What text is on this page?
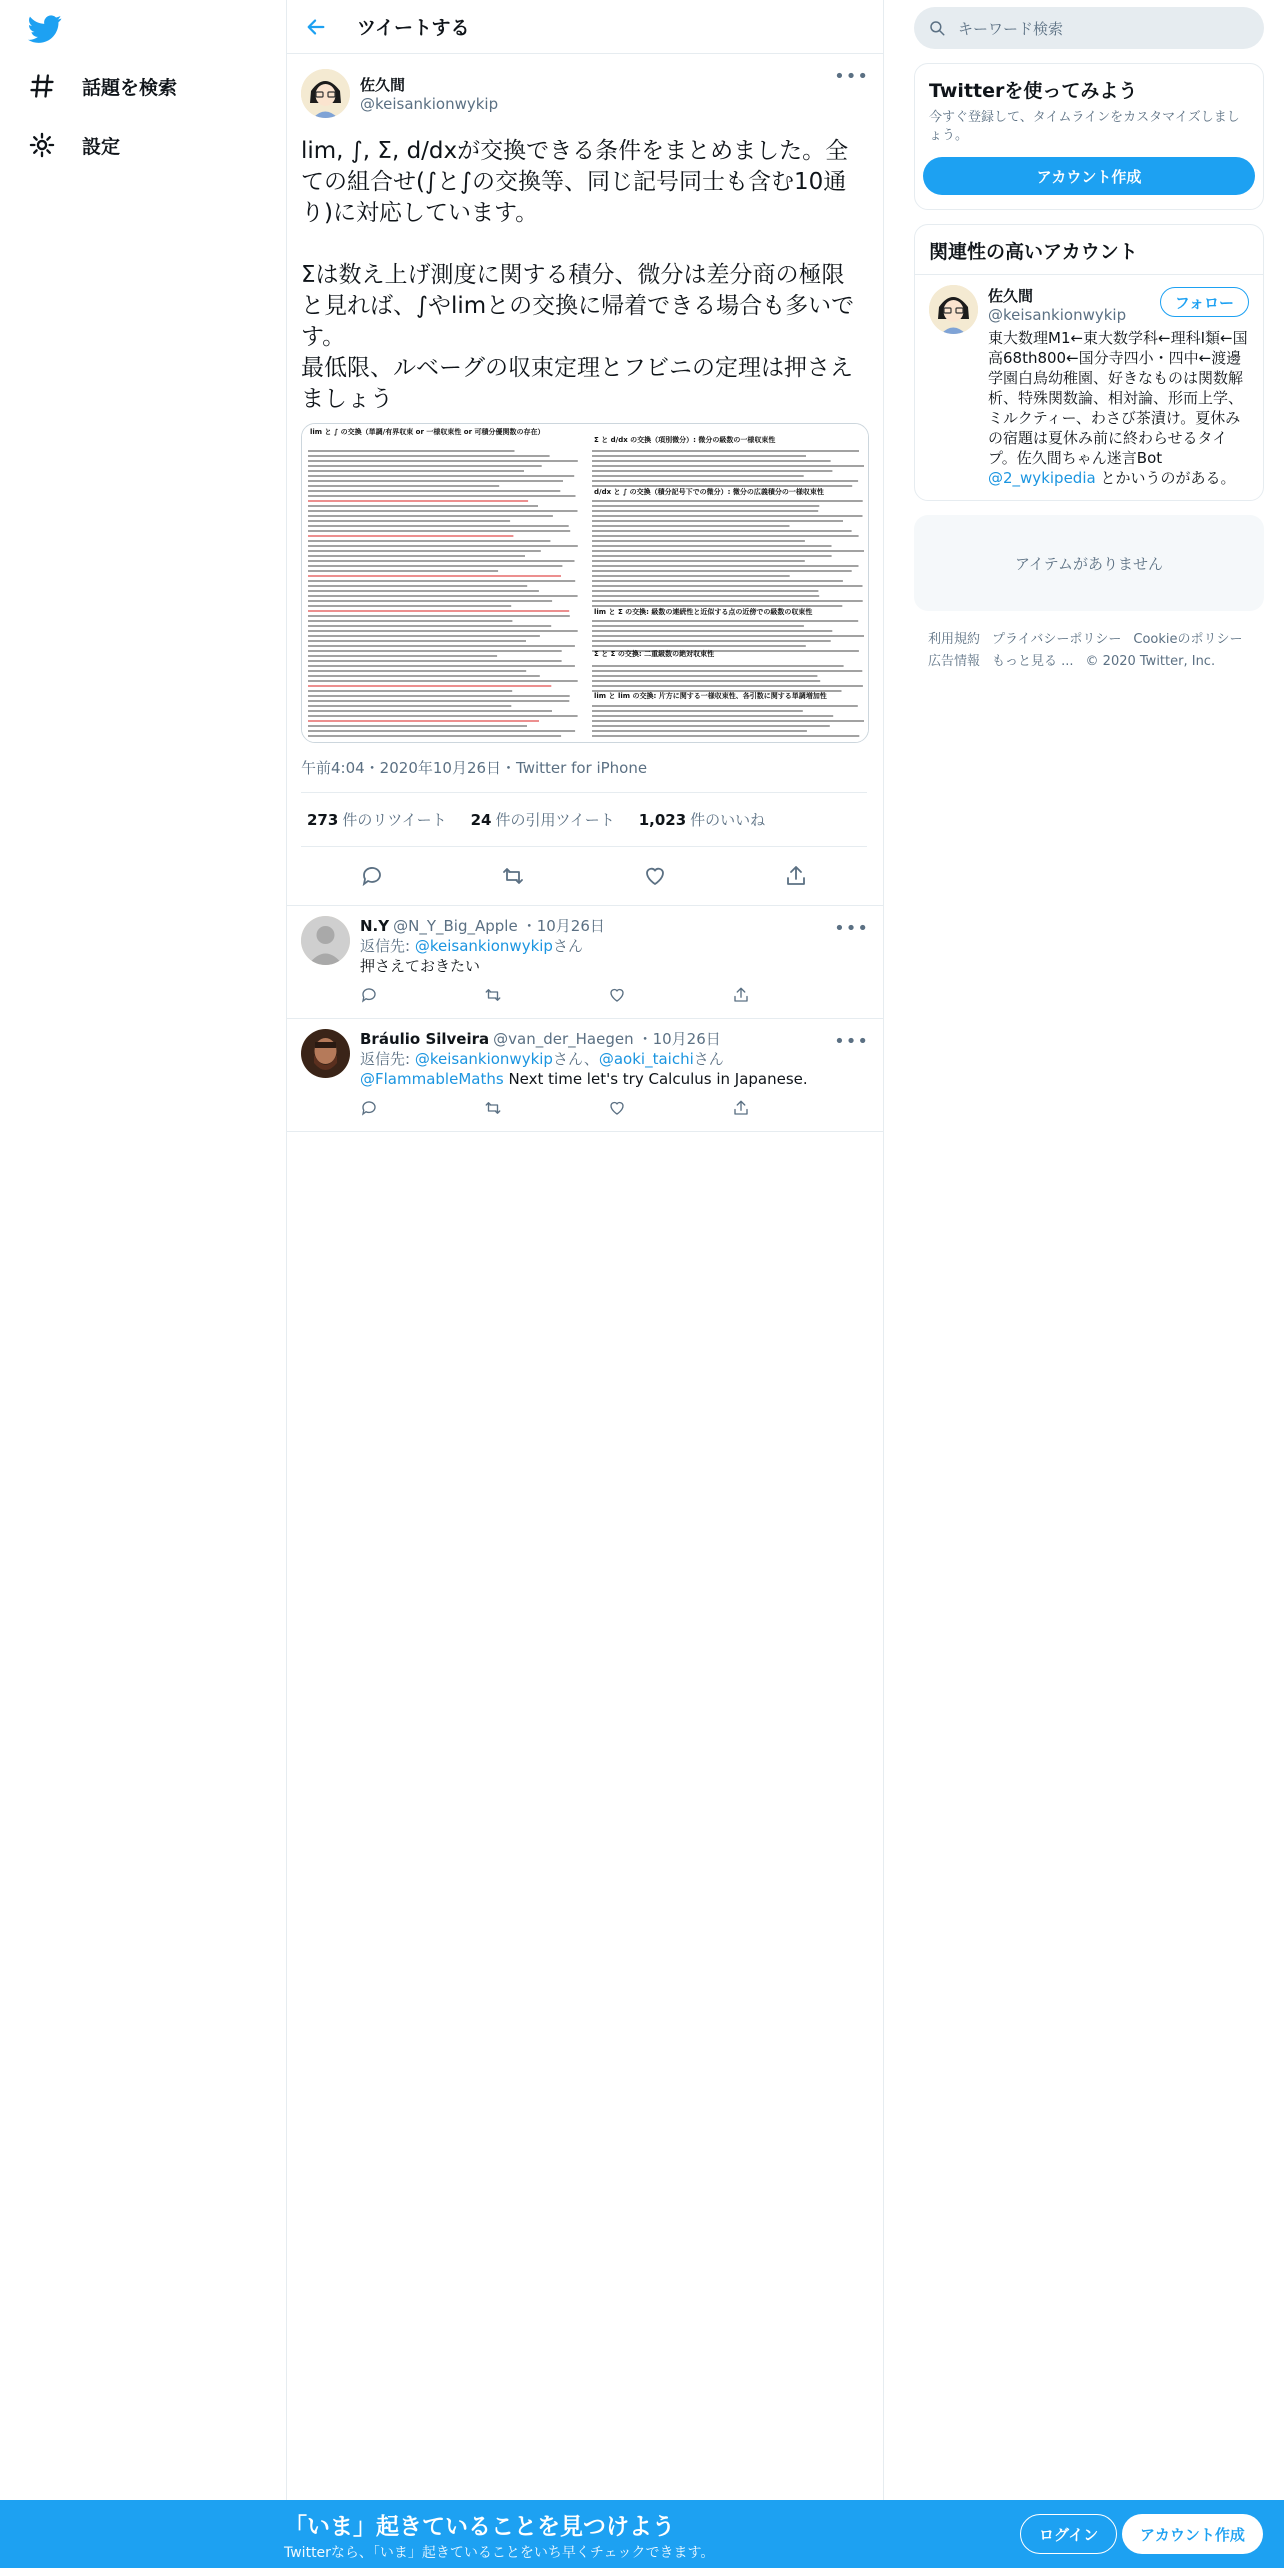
話題を検索
設定
ツイートする
佐久間
@keisankionwykip
•••
lim, ∫, Σ, d/dxが交換できる条件をまとめました。全ての組合せ(∫と∫の交換等、同じ記号同士も含む10通り)に対応しています。

Σは数え上げ測度に関する積分、微分は差分商の極限と見れば、∫やlimとの交換に帰着できる場合も多いです。
最低限、ルベーグの収束定理とフビニの定理は押さえましょう
lim と ∫ の交換（単調/有界収束 or 一様収束性 or 可積分優関数の存在）
Σ と d/dx の交換（項別微分）: 微分の級数の一様収束性
d/dx と ∫ の交換（積分記号下での微分）: 微分の広義積分の一様収束性
lim と Σ の交換: 級数の連続性と近似する点の近傍での級数の収束性
Σ と Σ の交換: 二重級数の絶対収束性
lim と lim の交換: 片方に関する一様収束性、各引数に関する単調増加性
午前4:04・2020年10月26日・Twitter for iPhone
273 件のリツイート 24 件の引用ツイート 1,023 件のいいね
N.Y @N_Y_Big_Apple ・10月26日
返信先: @keisankionwykipさん
押さえておきたい
•••
Bráulio Silveira @van_der_Haegen ・10月26日
返信先: @keisankionwykipさん、@aoki_taichiさん
@FlammableMaths Next time let's try Calculus in Japanese.
•••
キーワード検索
Twitterを使ってみよう
今すぐ登録して、タイムラインをカスタマイズしましょう。
アカウント作成
関連性の高いアカウント
佐久間
@keisankionwykip
東大数理M1←東大数学科←理科I類←国高68th800←国分寺四小・四中←渡邊学園白鳥幼稚園、好きなものは関数解析、特殊関数論、相対論、形而上学、ミルクティー、わさび茶漬け。夏休みの宿題は夏休み前に終わらせるタイプ。佐久間ちゃん迷言Bot @2_wykipedia とかいうのがある。
フォロー
アイテムがありません
利用規約 プライバシーポリシー Cookieのポリシー
広告情報 もっと見る ... © 2020 Twitter, Inc.
「いま」起きていることを見つけよう
Twitterなら、「いま」起きていることをいち早くチェックできます。
ログイン	アカウント作成
